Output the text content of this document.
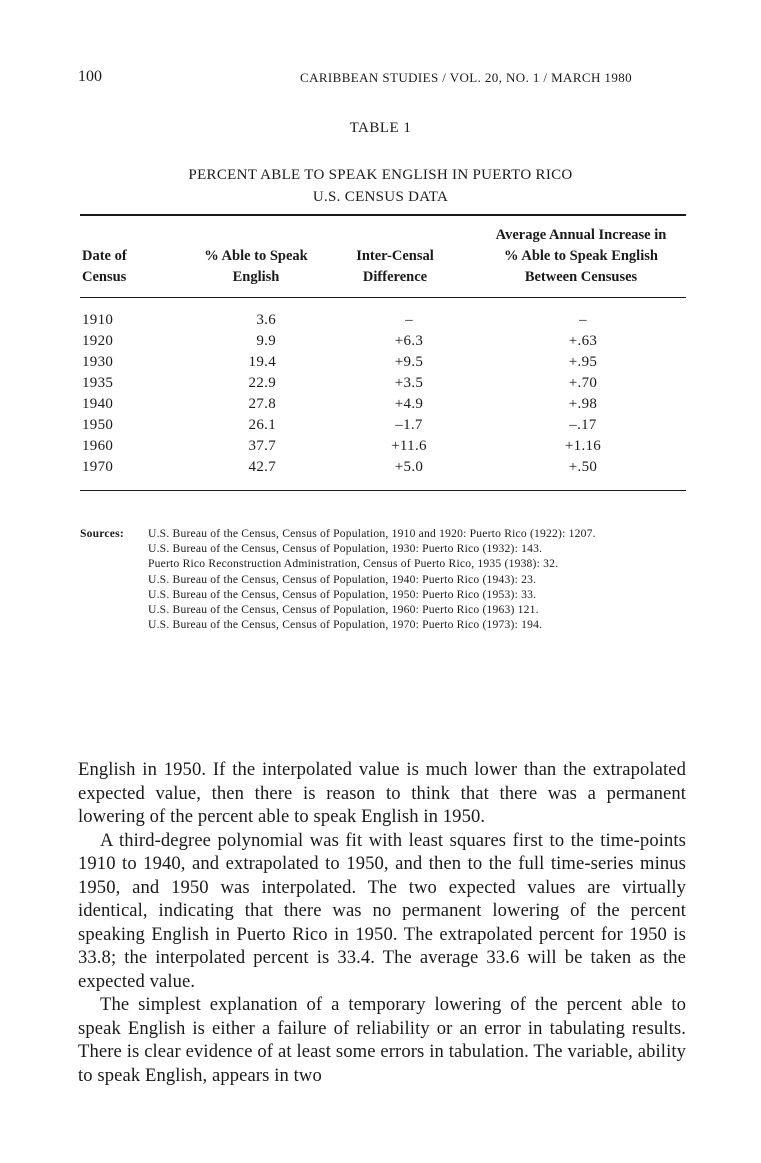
100	CARIBBEAN STUDIES / VOL. 20, NO. 1 / MARCH 1980
TABLE 1
PERCENT ABLE TO SPEAK ENGLISH IN PUERTO RICO
U.S. CENSUS DATA
Date of
Census
% Able to Speak
English
Inter-Censal
Difference
Average Annual Increase in
% Able to Speak English
Between Censuses
1910	3.6	–	–
1920	9.9	+6.3	+.63
1930	19.4	+9.5	+.95
1935	22.9	+3.5	+.70
1940	27.8	+4.9	+.98
1950	26.1	–1.7	–.17
1960	37.7	+11.6	+1.16
1970	42.7	+5.0	+.50
Sources: U.S. Bureau of the Census, Census of Population, 1910 and 1920: Puerto Rico (1922): 1207.
U.S. Bureau of the Census, Census of Population, 1930: Puerto Rico (1932): 143.
Puerto Rico Reconstruction Administration, Census of Puerto Rico, 1935 (1938): 32.
U.S. Bureau of the Census, Census of Population, 1940: Puerto Rico (1943): 23.
U.S. Bureau of the Census, Census of Population, 1950: Puerto Rico (1953): 33.
U.S. Bureau of the Census, Census of Population, 1960: Puerto Rico (1963) 121.
U.S. Bureau of the Census, Census of Population, 1970: Puerto Rico (1973): 194.

English in 1950. If the interpolated value is much lower than the extrapolated expected value, then there is reason to think that there was a permanent lowering of the percent able to speak English in 1950.

A third-degree polynomial was fit with least squares first to the time-points 1910 to 1940, and extrapolated to 1950, and then to the full time-series minus 1950, and 1950 was interpolated. The two expected values are virtually identical, indicating that there was no permanent lowering of the percent speaking English in Puerto Rico in 1950. The extrapolated percent for 1950 is 33.8; the interpolated percent is 33.4. The average 33.6 will be taken as the expected value.

The simplest explanation of a temporary lowering of the percent able to speak English is either a failure of reliability or an error in tabulating results. There is clear evidence of at least some errors in tabulation. The variable, ability to speak English, appears in two
